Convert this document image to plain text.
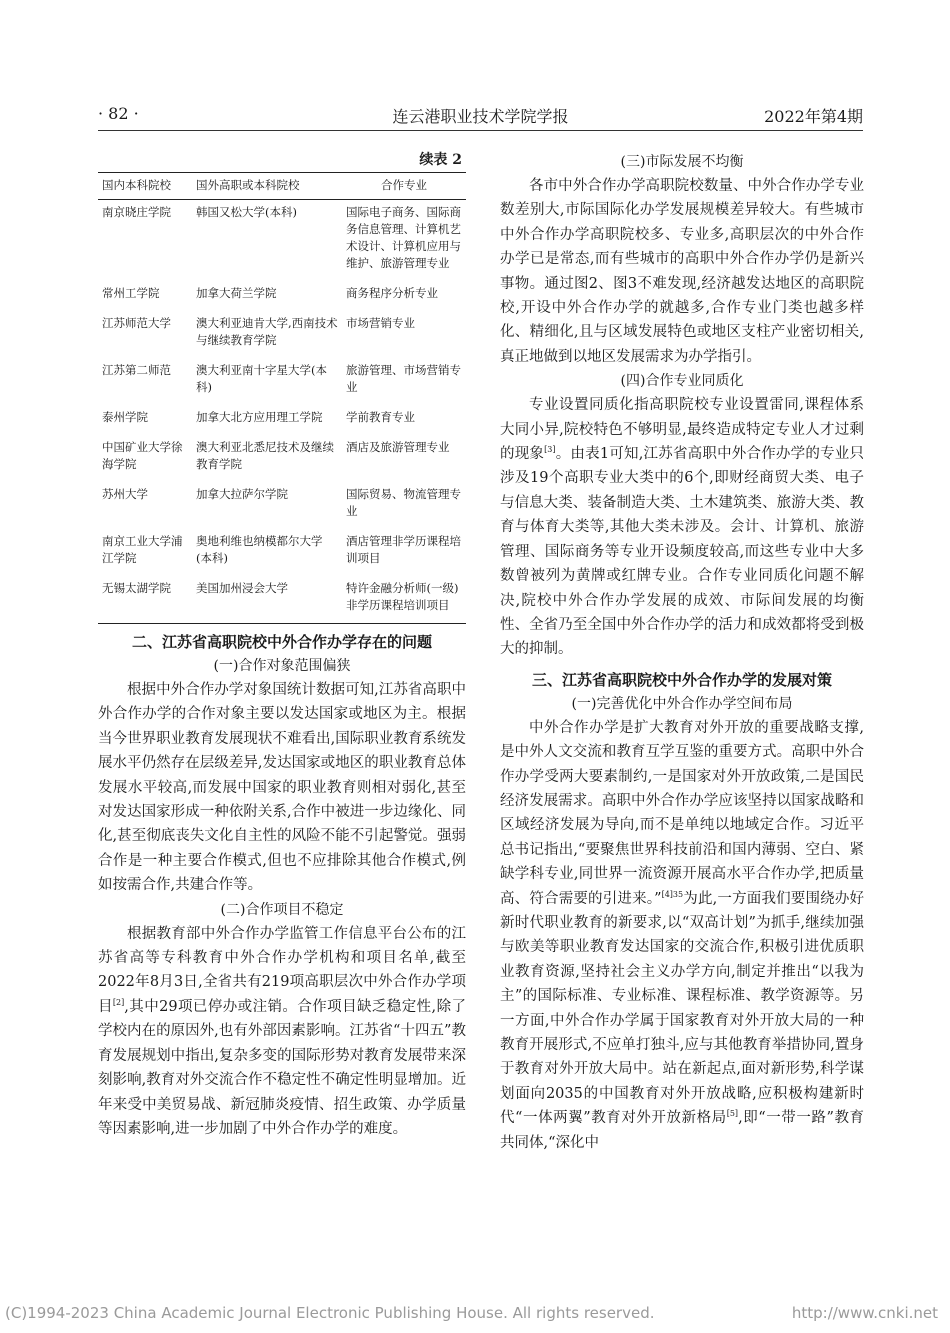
· 82 ·	连云港职业技术学院学报	2022年第4期
续表 2
国内本科院校	国外高职或本科院校	合作专业
南京晓庄学院	韩国又松大学(本科)	国际电子商务、国际商务信息管理、计算机艺术设计、计算机应用与维护、旅游管理专业
常州工学院	加拿大荷兰学院	商务程序分析专业
江苏师范大学	澳大利亚迪肯大学,西南技术与继续教育学院	市场营销专业
江苏第二师范	澳大利亚南十字星大学(本科)	旅游管理、市场营销专业
泰州学院	加拿大北方应用理工学院	学前教育专业
中国矿业大学徐海学院	澳大利亚北悉尼技术及继续教育学院	酒店及旅游管理专业
苏州大学	加拿大拉萨尔学院	国际贸易、物流管理专业
南京工业大学浦江学院	奥地利维也纳模都尔大学(本科)	酒店管理非学历课程培训项目
无锡太湖学院	美国加州浸会大学	特许金融分析师(一级)非学历课程培训项目
二、江苏省高职院校中外合作办学存在的问题
(一)合作对象范围偏狭

根据中外合作办学对象国统计数据可知,江苏省高职中外合作办学的合作对象主要以发达国家或地区为主。根据当今世界职业教育发展现状不难看出,国际职业教育系统发展水平仍然存在层级差异,发达国家或地区的职业教育总体发展水平较高,而发展中国家的职业教育则相对弱化,甚至对发达国家形成一种依附关系,合作中被进一步边缘化、同化,甚至彻底丧失文化自主性的风险不能不引起警觉。强弱合作是一种主要合作模式,但也不应排除其他合作模式,例如按需合作,共建合作等。

(二)合作项目不稳定

根据教育部中外合作办学监管工作信息平台公布的江苏省高等专科教育中外合作办学机构和项目名单,截至2022年8月3日,全省共有219项高职层次中外合作办学项目[2],其中29项已停办或注销。合作项目缺乏稳定性,除了学校内在的原因外,也有外部因素影响。江苏省“十四五”教育发展规划中指出,复杂多变的国际形势对教育发展带来深刻影响,教育对外交流合作不稳定性不确定性明显增加。近年来受中美贸易战、新冠肺炎疫情、招生政策、办学质量等因素影响,进一步加剧了中外合作办学的难度。

(三)市际发展不均衡

各市中外合作办学高职院校数量、中外合作办学专业数差别大,市际国际化办学发展规模差异较大。有些城市中外合作办学高职院校多、专业多,高职层次的中外合作办学已是常态,而有些城市的高职中外合作办学仍是新兴事物。通过图2、图3不难发现,经济越发达地区的高职院校,开设中外合作办学的就越多,合作专业门类也越多样化、精细化,且与区域发展特色或地区支柱产业密切相关,真正地做到以地区发展需求为办学指引。

(四)合作专业同质化

专业设置同质化指高职院校专业设置雷同,课程体系大同小异,院校特色不够明显,最终造成特定专业人才过剩的现象[3]。由表1可知,江苏省高职中外合作办学的专业只涉及19个高职专业大类中的6个,即财经商贸大类、电子与信息大类、装备制造大类、土木建筑类、旅游大类、教育与体育大类等,其他大类未涉及。会计、计算机、旅游管理、国际商务等专业开设频度较高,而这些专业中大多数曾被列为黄牌或红牌专业。合作专业同质化问题不解决,院校中外合作办学发展的成效、市际间发展的均衡性、全省乃至全国中外合作办学的活力和成效都将受到极大的抑制。

三、江苏省高职院校中外合作办学的发展对策
(一)完善优化中外合作办学空间布局

中外合作办学是扩大教育对外开放的重要战略支撑,是中外人文交流和教育互学互鉴的重要方式。高职中外合作办学受两大要素制约,一是国家对外开放政策,二是国民经济发展需求。高职中外合作办学应该坚持以国家战略和区域经济发展为导向,而不是单纯以地域定合作。习近平总书记指出,“要聚焦世界科技前沿和国内薄弱、空白、紧缺学科专业,同世界一流资源开展高水平合作办学,把质量高、符合需要的引进来。”$^{[4]35}$为此,一方面我们要围绕办好新时代职业教育的新要求,以“双高计划”为抓手,继续加强与欧美等职业教育发达国家的交流合作,积极引进优质职业教育资源,坚持社会主义办学方向,制定并推出“以我为主”的国际标准、专业标准、课程标准、教学资源等。另一方面,中外合作办学属于国家教育对外开放大局的一种教育开展形式,不应单打独斗,应与其他教育举措协同,置身于教育对外开放大局中。站在新起点,面对新形势,科学谋划面向2035的中国教育对外开放战略,应积极构建新时代“一体两翼”教育对外开放新格局[5],即“一带一路”教育共同体,“深化中

(C)1994-2023 China Academic Journal Electronic Publishing House. All rights reserved.	http://www.cnki.net
